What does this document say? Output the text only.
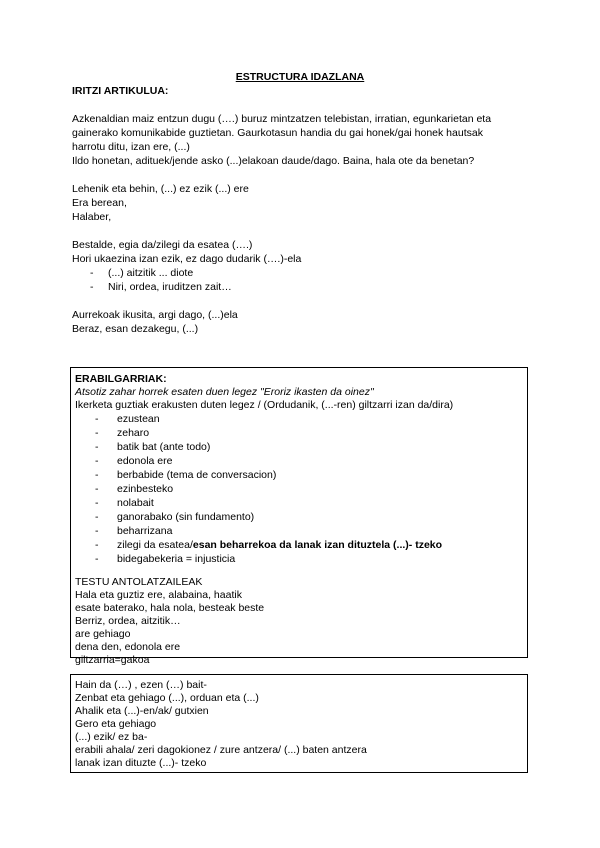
ESTRUCTURA IDAZLANA
IRITZI ARTIKULUA:
Azkenaldian maiz entzun dugu (….) buruz mintzatzen telebistan, irratian, egunkarietan eta
gainerako komunikabide guztietan. Gaurkotasun handia du gai honek/gai honek hautsak
harrotu ditu, izan ere, (...)
Ildo honetan, adituek/jende asko (...)elakoan daude/dago. Baina, hala ote da benetan?
Lehenik eta behin, (...) ez ezik (...) ere
Era berean,
Halaber,
Bestalde, egia da/zilegi da esatea (….)
Hori ukaezina izan ezik, ez dago dudarik (….)-ela
- (...) aitzitik ... diote
- Niri, ordea, iruditzen zait…
Aurrekoak ikusita, argi dago, (...)ela
Beraz, esan dezakegu, (...)
ERABILGARRIAK:
Atsotiz zahar horrek esaten duen legez "Eroriz ikasten da oinez"
Ikerketa guztiak erakusten duten legez / (Ordudanik, (...-ren) giltzarri izan da/dira)
- ezustean
- zeharo
- batik bat (ante todo)
- edonola ere
- berbabide (tema de conversacion)
- ezinbesteko
- nolabait
- ganorabako (sin fundamento)
- beharrizana
- zilegi da esatea/esan beharrekoa da lanak izan dituztela (...)- tzeko
- bidegabekeria = injusticia
TESTU ANTOLATZAILEAK
Hala eta guztiz ere, alabaina, haatik
esate baterako, hala nola, besteak beste
Berriz, ordea, aitzitik…
are gehiago
dena den, edonola ere
giltzarria=gakoa
Hain da (…) , ezen (…) bait-
Zenbat eta gehiago (...), orduan eta (...)
Ahalik eta (...)-en/ak/ gutxien
Gero eta gehiago
(...) ezik/ ez ba-
erabili ahala/ zeri dagokionez / zure antzera/ (...) baten antzera
lanak izan dituzte (...)- tzeko
